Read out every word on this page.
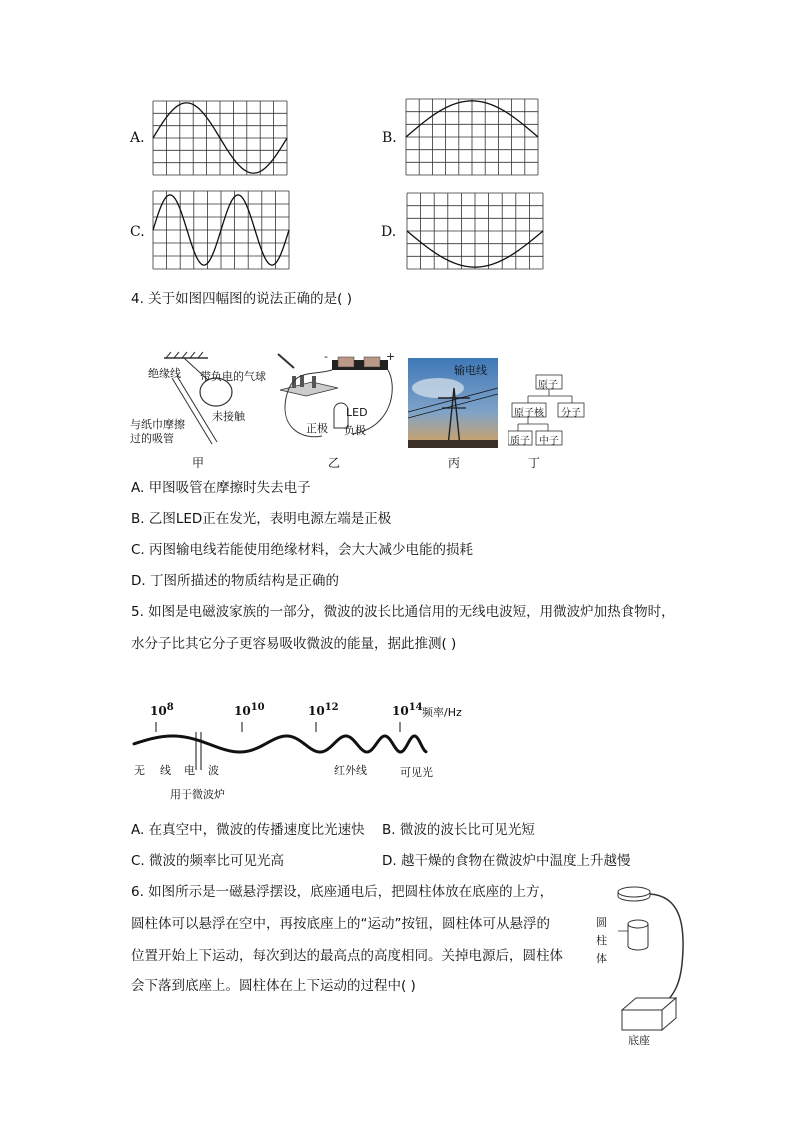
A.	B.
C.	D.
4. 关于如图四幅图的说法正确的是( )
绝缘线 带负电的气球
未接触
与纸巾摩擦
过的吸管
甲
-	+
LED
正极 负极
乙
输电线
丙
原子
原子核 分子
质子 中子
丁
A. 甲图吸管在摩擦时失去电子
B. 乙图LED正在发光，表明电源左端是正极
C. 丙图输电线若能使用绝缘材料，会大大减少电能的损耗
D. 丁图所描述的物质结构是正确的
5. 如图是电磁波家族的一部分，微波的波长比通信用的无线电波短，用微波炉加热食物时，
水分子比其它分子更容易吸收微波的能量，据此推测( )
$10^8$	$10^{10}$	$10^{12}$	$10^{14}$ 频率/Hz
无 线 电 波	红外线	可见光
用于微波炉
A. 在真空中，微波的传播速度比光速快 B. 微波的波长比可见光短
C. 微波的频率比可见光高	D. 越干燥的食物在微波炉中温度上升越慢
6. 如图所示是一磁悬浮摆设，底座通电后，把圆柱体放在底座的上方，
圆柱体可以悬浮在空中，再按底座上的“运动”按钮，圆柱体可从悬浮的
位置开始上下运动，每次到达的最高点的高度相同。关掉电源后，圆柱体
会下落到底座上。圆柱体在上下运动的过程中( )
圆
柱
体
底座
